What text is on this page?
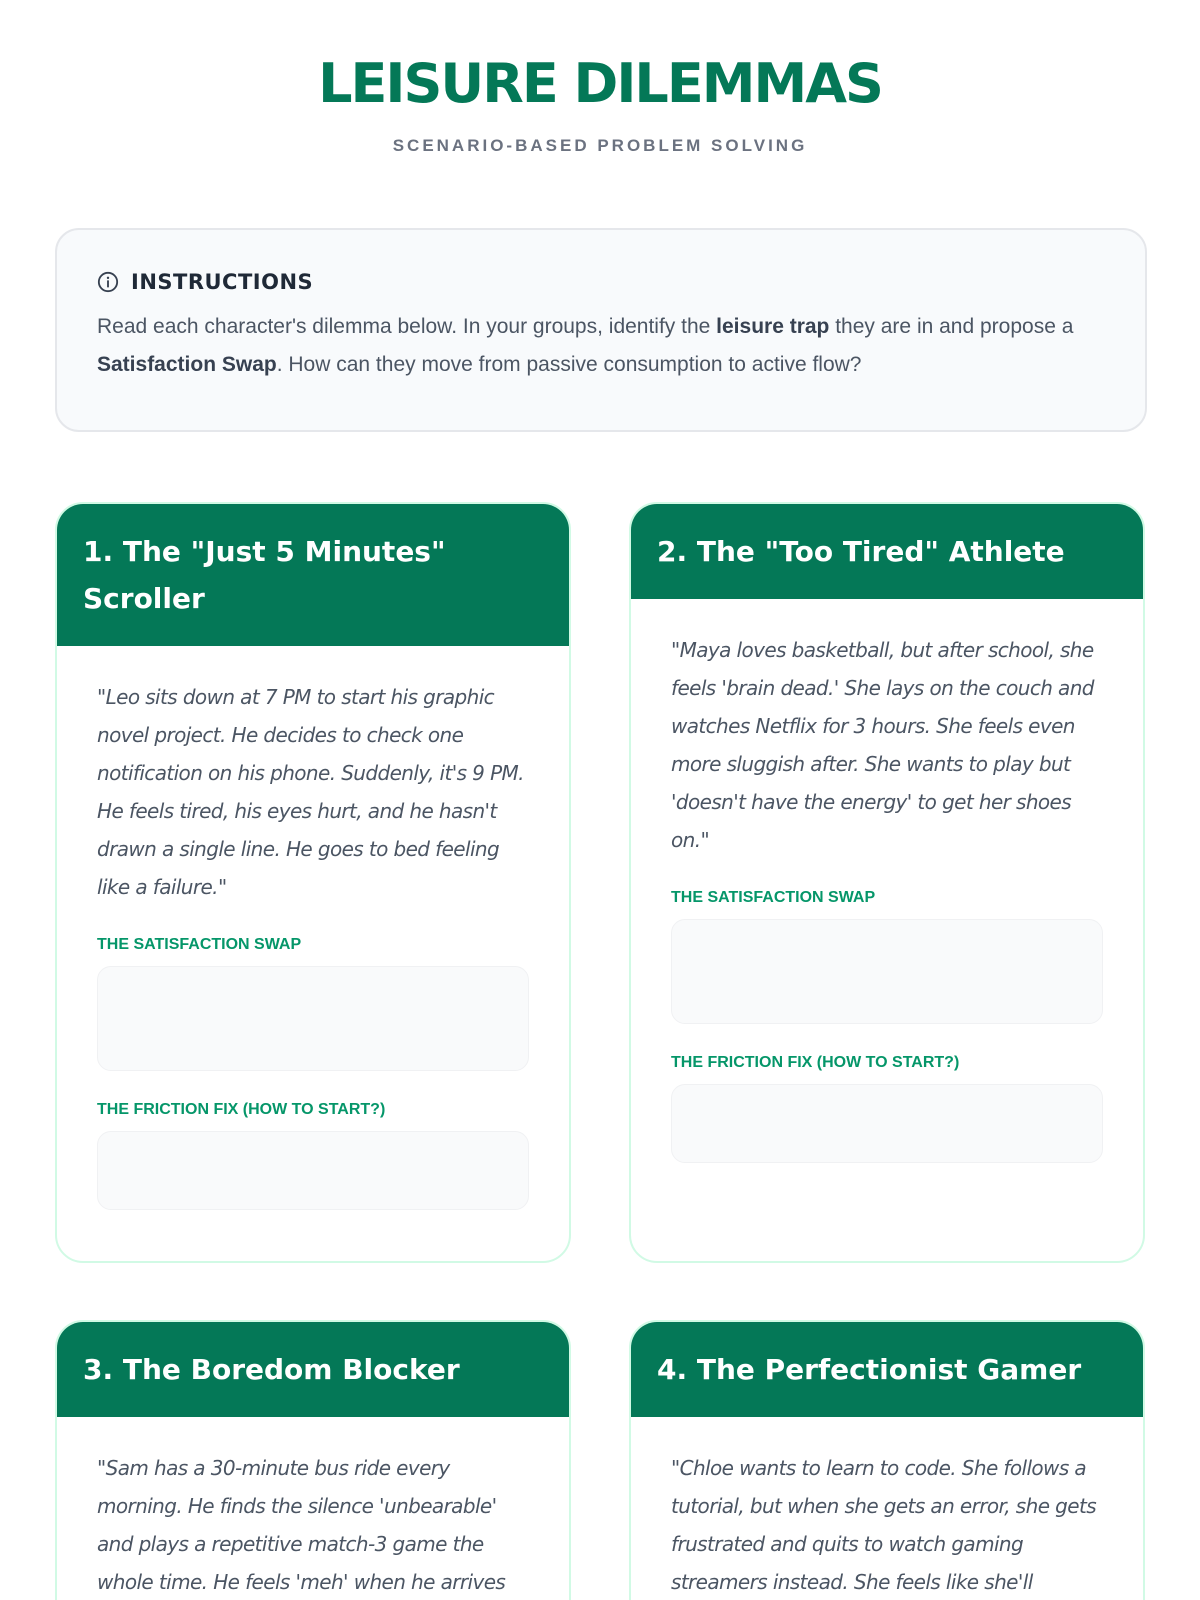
LEISURE DILEMMAS

SCENARIO-BASED PROBLEM SOLVING

INSTRUCTIONS

Read each character's dilemma below. In your groups, identify the leisure trap they are in and propose a Satisfaction Swap. How can they move from passive consumption to active flow?

1. The "Just 5 Minutes" Scroller

"Leo sits down at 7 PM to start his graphic novel project. He decides to check one notification on his phone. Suddenly, it's 9 PM. He feels tired, his eyes hurt, and he hasn't drawn a single line. He goes to bed feeling like a failure."

THE SATISFACTION SWAP
THE FRICTION FIX (HOW TO START?)
2. The "Too Tired" Athlete

"Maya loves basketball, but after school, she feels 'brain dead.' She lays on the couch and watches Netflix for 3 hours. She feels even more sluggish after. She wants to play but 'doesn't have the energy' to get her shoes on."

THE SATISFACTION SWAP
THE FRICTION FIX (HOW TO START?)
3. The Boredom Blocker

"Sam has a 30-minute bus ride every morning. He finds the silence 'unbearable' and plays a repetitive match-3 game the whole time. He feels 'meh' when he arrives

4. The Perfectionist Gamer

"Chloe wants to learn to code. She follows a tutorial, but when she gets an error, she gets frustrated and quits to watch gaming streamers instead. She feels like she'll
